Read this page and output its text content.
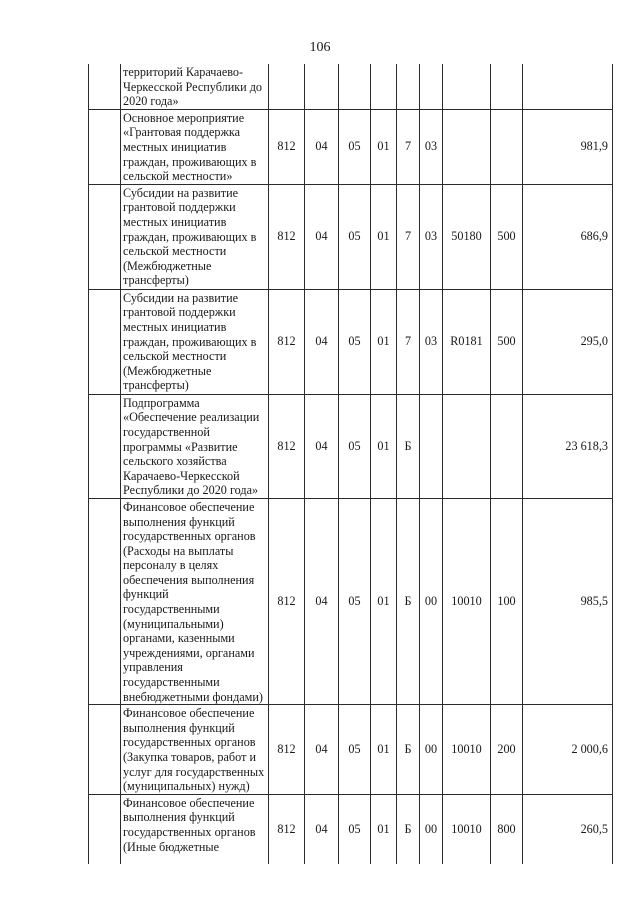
106
	территорий Карачаево-Черкесской Республики до 2020 года»									
	Основное мероприятие «Грантовая поддержка местных инициатив граждан, проживающих в сельской местности»	812	04	05	01	7	03			981,9
	Субсидии на развитие грантовой поддержки местных инициатив граждан, проживающих в сельской местности (Межбюджетные трансферты)	812	04	05	01	7	03	50180	500	686,9
	Субсидии на развитие грантовой поддержки местных инициатив граждан, проживающих в сельской местности (Межбюджетные трансферты)	812	04	05	01	7	03	R0181	500	295,0
	Подпрограмма «Обеспечение реализации государственной программы «Развитие сельского хозяйства Карачаево-Черкесской Республики до 2020 года»	812	04	05	01	Б				23 618,3
	Финансовое обеспечение выполнения функций государственных органов (Расходы на выплаты персоналу в целях обеспечения выполнения функций государственными (муниципальными) органами, казенными учреждениями, органами управления государственными внебюджетными фондами)	812	04	05	01	Б	00	10010	100	985,5
	Финансовое обеспечение выполнения функций государственных органов (Закупка товаров, работ и услуг для государственных (муниципальных) нужд)	812	04	05	01	Б	00	10010	200	2 000,6
	Финансовое обеспечение выполнения функций государственных органов (Иные бюджетные	812	04	05	01	Б	00	10010	800	260,5
